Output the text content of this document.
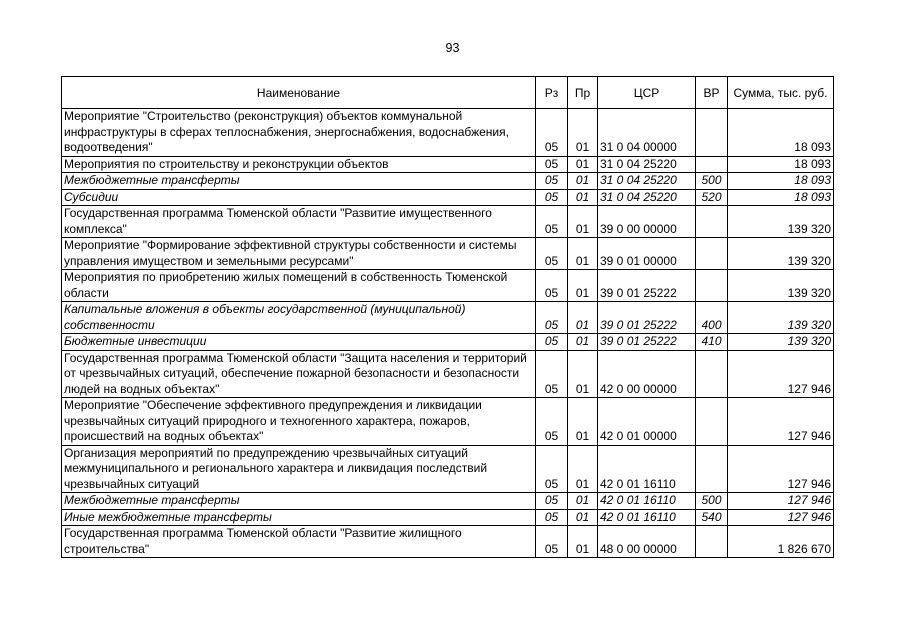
93
Наименование	Рз	Пр	ЦСР	ВР	Сумма, тыс. руб.
Мероприятие "Строительство (реконструкция) объектов коммунальной инфраструктуры в сферах теплоснабжения, энергоснабжения, водоснабжения, водоотведения"	05	01	31 0 04 00000		18 093
Мероприятия по строительству и реконструкции объектов	05	01	31 0 04 25220		18 093
Межбюджетные трансферты	05	01	31 0 04 25220	500	18 093
Субсидии	05	01	31 0 04 25220	520	18 093
Государственная программа Тюменской области "Развитие имущественного комплекса"	05	01	39 0 00 00000		139 320
Мероприятие "Формирование эффективной структуры собственности и системы управления имуществом и земельными ресурсами"	05	01	39 0 01 00000		139 320
Мероприятия по приобретению жилых помещений в собственность Тюменской области	05	01	39 0 01 25222		139 320
Капитальные вложения в объекты государственной (муниципальной) собственности	05	01	39 0 01 25222	400	139 320
Бюджетные инвестиции	05	01	39 0 01 25222	410	139 320
Государственная программа Тюменской области "Защита населения и территорий от чрезвычайных ситуаций, обеспечение пожарной безопасности и безопасности людей на водных объектах"	05	01	42 0 00 00000		127 946
Мероприятие "Обеспечение эффективного предупреждения и ликвидации чрезвычайных ситуаций природного и техногенного характера, пожаров, происшествий на водных объектах"	05	01	42 0 01 00000		127 946
Организация мероприятий по предупреждению чрезвычайных ситуаций межмуниципального и регионального характера и ликвидация последствий чрезвычайных ситуаций	05	01	42 0 01 16110		127 946
Межбюджетные трансферты	05	01	42 0 01 16110	500	127 946
Иные межбюджетные трансферты	05	01	42 0 01 16110	540	127 946
Государственная программа Тюменской области "Развитие жилищного строительства"	05	01	48 0 00 00000		1 826 670
